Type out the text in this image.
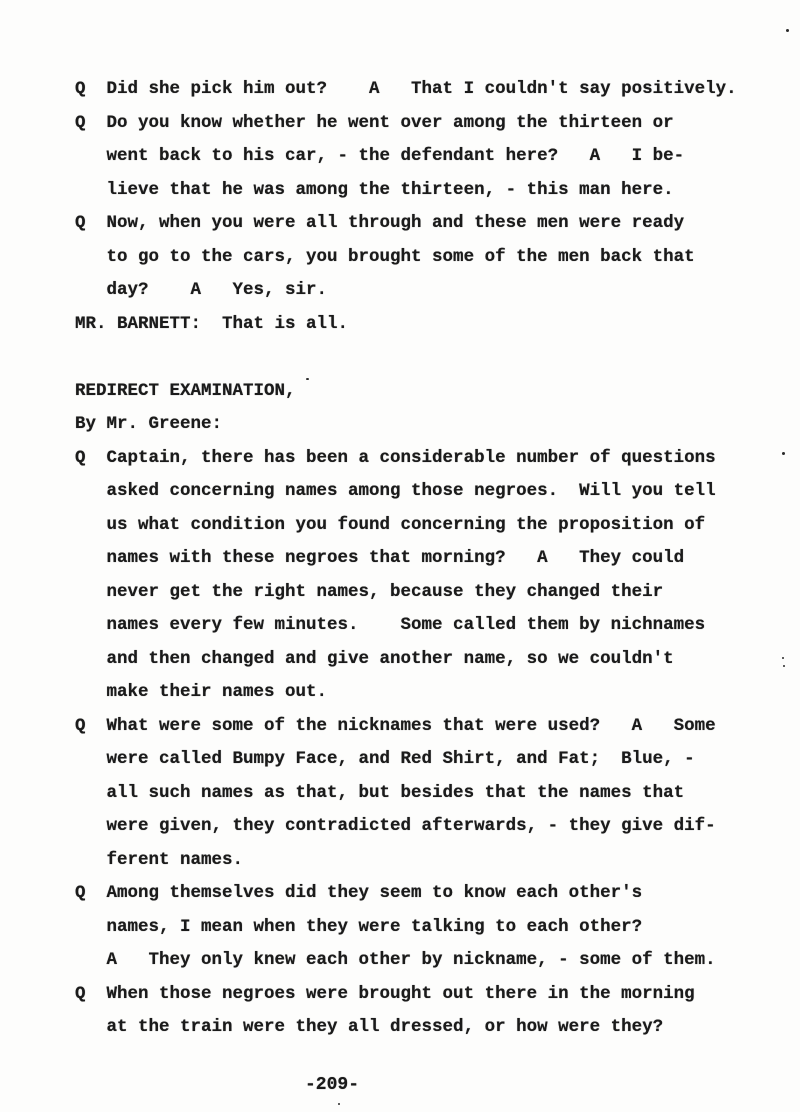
Q  Did she pick him out?    A   That I couldn't say positively.
Q  Do you know whether he went over among the thirteen or
went back to his car, - the defendant here?   A   I be-
lieve that he was among the thirteen, - this man here.
Q  Now, when you were all through and these men were ready
to go to the cars, you brought some of the men back that
day?    A   Yes, sir.
MR. BARNETT:  That is all.
REDIRECT EXAMINATION,
By Mr. Greene:
Q  Captain, there has been a considerable number of questions
asked concerning names among those negroes.  Will you tell
us what condition you found concerning the proposition of
names with these negroes that morning?   A   They could
never get the right names, because they changed their
names every few minutes.    Some called them by nichnames
and then changed and give another name, so we couldn't
make their names out.
Q  What were some of the nicknames that were used?   A   Some
were called Bumpy Face, and Red Shirt, and Fat;  Blue, -
all such names as that, but besides that the names that
were given, they contradicted afterwards, - they give dif-
ferent names.
Q  Among themselves did they seem to know each other's
names, I mean when they were talking to each other?
A   They only knew each other by nickname, - some of them.
Q  When those negroes were brought out there in the morning
at the train were they all dressed, or how were they?
-209-
